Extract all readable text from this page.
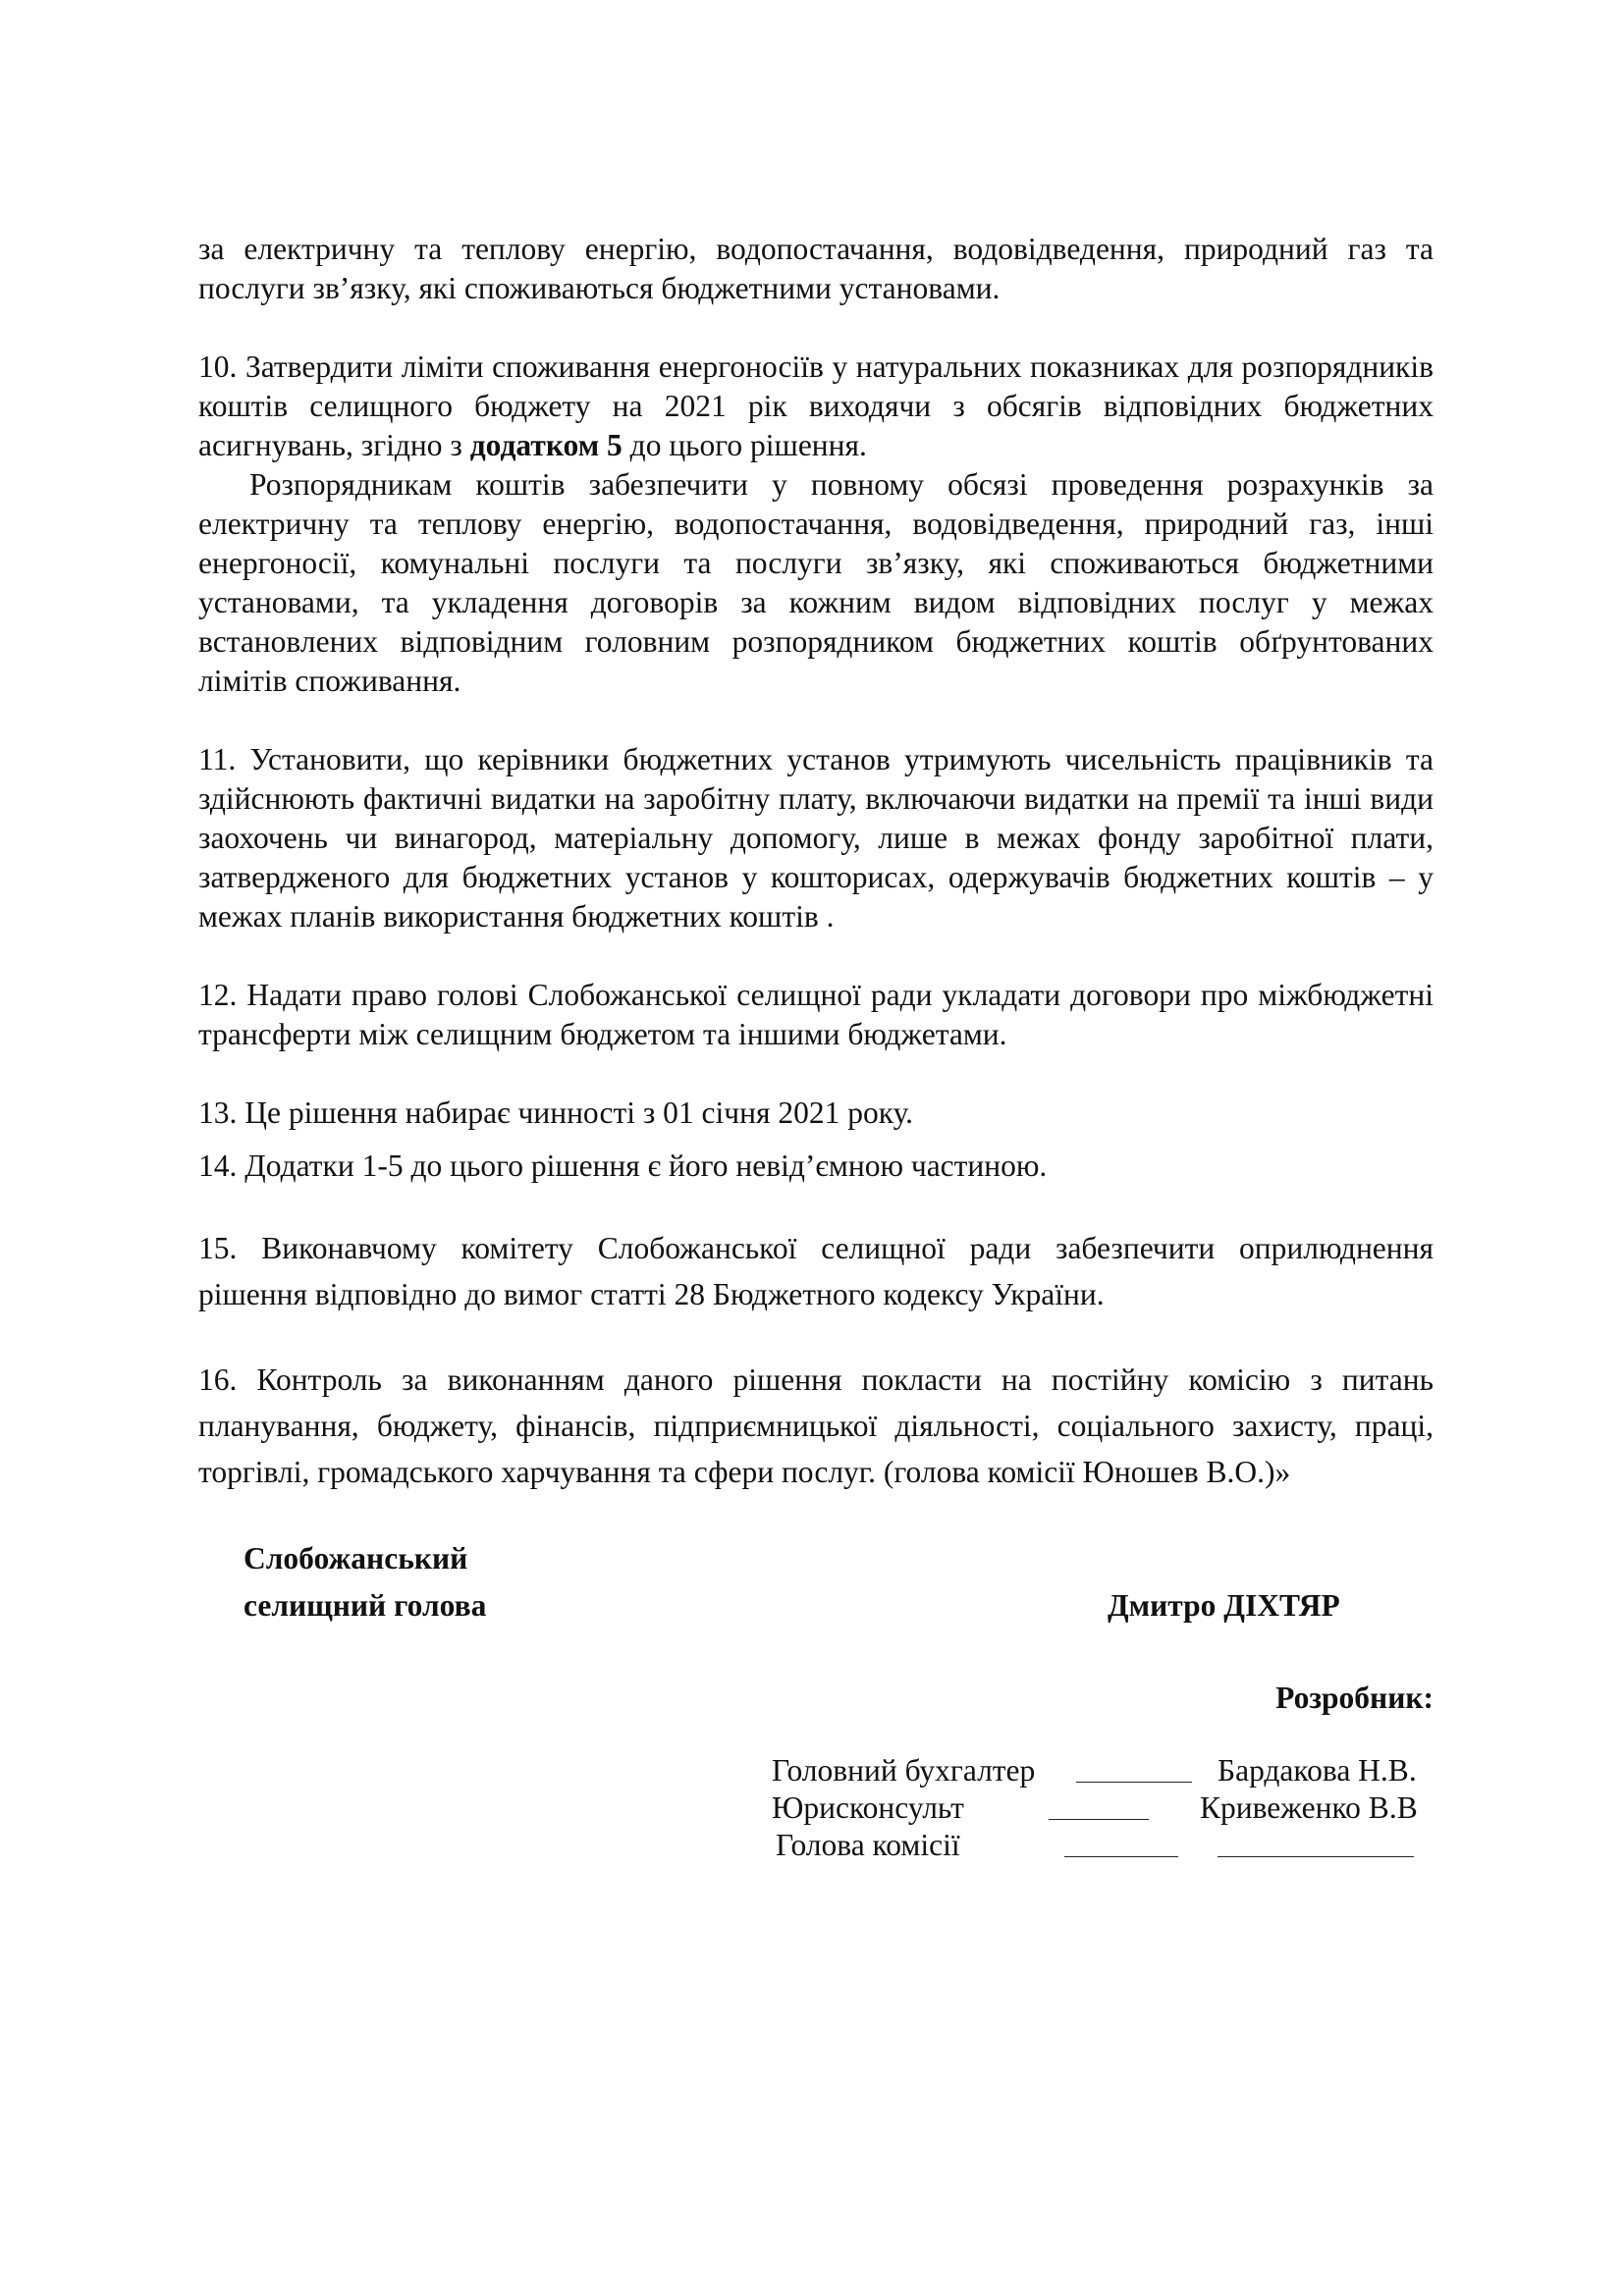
за електричну та теплову енергію, водопостачання, водовідведення, природний газ та послуги зв’язку, які споживаються бюджетними установами.

10. Затвердити ліміти споживання енергоносіїв у натуральних показниках для розпорядників коштів селищного бюджету на 2021 рік виходячи з обсягів відповідних бюджетних асигнувань, згідно з додатком 5 до цього рішення.

Розпорядникам коштів забезпечити у повному обсязі проведення розрахунків за електричну та теплову енергію, водопостачання, водовідведення, природний газ, інші енергоносії, комунальні послуги та послуги зв’язку, які споживаються бюджетними установами, та укладення договорів за кожним видом відповідних послуг у межах встановлених відповідним головним розпорядником бюджетних коштів обґрунтованих лімітів споживання.

11. Установити, що керівники бюджетних установ утримують чисельність працівників та здійснюють фактичні видатки на заробітну плату, включаючи видатки на премії та інші види заохочень чи винагород, матеріальну допомогу, лише в межах фонду заробітної плати, затвердженого для бюджетних установ у кошторисах, одержувачів бюджетних коштів – у межах планів використання бюджетних коштів .

12. Надати право голові Слобожанської селищної ради укладати договори про міжбюджетні трансферти між селищним бюджетом та іншими бюджетами.

13. Це рішення набирає чинності з 01 січня 2021 року.

14. Додатки 1-5 до цього рішення є його невід’ємною частиною.

15. Виконавчому комітету Слобожанської селищної ради забезпечити оприлюднення рішення відповідно до вимог статті 28 Бюджетного кодексу України.

16. Контроль за виконанням даного рішення покласти на постійну комісію з питань планування, бюджету, фінансів, підприємницької діяльності, соціального захисту, праці, торгівлі, громадського харчування та сфери послуг. (голова комісії Юношев В.О.)»

Слобожанський
селищний голова	Дмитро ДІХТЯР
Розробник:
Головний бухгалтер	Бардакова Н.В.
Юрисконсульт	Кривеженко В.В
Голова комісії
